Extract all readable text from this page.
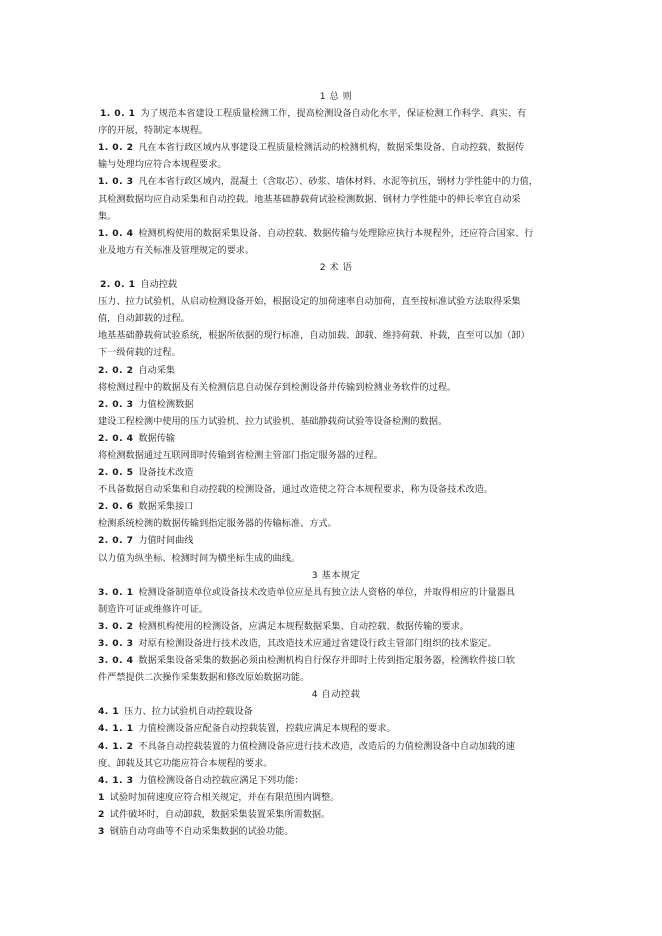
1 总 则
1. 0. 1 为了规范本省建设工程质量检测工作，提高检测设备自动化水平，保证检测工作科学、真实、有
序的开展，特制定本规程。
1. 0. 2 凡在本省行政区域内从事建设工程质量检测活动的检测机构，数据采集设备、自动控载、数据传
输与处理均应符合本规程要求。
1. 0. 3 凡在本省行政区域内，混凝土（含取芯）、砂浆、墙体材料、水泥等抗压，钢材力学性能中的力值，
其检测数据均应自动采集和自动控载。地基基础静载荷试验检测数据、钢材力学性能中的伸长率宜自动采
集。
1. 0. 4 检测机构使用的数据采集设备、自动控载、数据传输与处理除应执行本规程外，还应符合国家、行
业及地方有关标准及管理规定的要求。
2 术 语
2. 0. 1 自动控载
压力、拉力试验机，从启动检测设备开始，根据设定的加荷速率自动加荷，直至按标准试验方法取得采集
值，自动卸载的过程。
地基基础静载荷试验系统，根据所依据的现行标准，自动加载、卸载、维持荷载、补载，直至可以加（卸）
下一级荷载的过程。
2. 0. 2 自动采集
将检测过程中的数据及有关检测信息自动保存到检测设备并传输到检测业务软件的过程。
2. 0. 3 力值检测数据
建设工程检测中使用的压力试验机、拉力试验机、基础静载荷试验等设备检测的数据。
2. 0. 4 数据传输
将检测数据通过互联网即时传输到省检测主管部门指定服务器的过程。
2. 0. 5 设备技术改造
不具备数据自动采集和自动控载的检测设备，通过改造使之符合本规程要求，称为设备技术改造。
2. 0. 6 数据采集接口
检测系统检测的数据传输到指定服务器的传输标准、方式。
2. 0. 7 力值时间曲线
以力值为纵坐标、检测时间为横坐标生成的曲线。
3 基本规定
3. 0. 1 检测设备制造单位或设备技术改造单位应是具有独立法人资格的单位，并取得相应的计量器具
制造许可证或维修许可证。
3. 0. 2 检测机构使用的检测设备，应满足本规程数据采集、自动控载、数据传输的要求。
3. 0. 3 对原有检测设备进行技术改造，其改造技术应通过省建设行政主管部门组织的技术鉴定。
3. 0. 4 数据采集设备采集的数据必须由检测机构自行保存并即时上传到指定服务器，检测软件接口软
件严禁提供二次操作采集数据和修改原始数据功能。
4 自动控载
4. 1 压力、拉力试验机自动控载设备
4. 1. 1 力值检测设备应配备自动控载装置，控载应满足本规程的要求。
4. 1. 2 不具备自动控载装置的力值检测设备应进行技术改造，改造后的力值检测设备中自动加载的速
度、卸载及其它功能应符合本规程的要求。
4. 1. 3 力值检测设备自动控载应满足下列功能：
1 试验时加荷速度应符合相关规定，并在有限范围内调整。
2 试件破坏时，自动卸载，数据采集装置采集所需数据。
3 钢筋自动弯曲等不自动采集数据的试验功能。
